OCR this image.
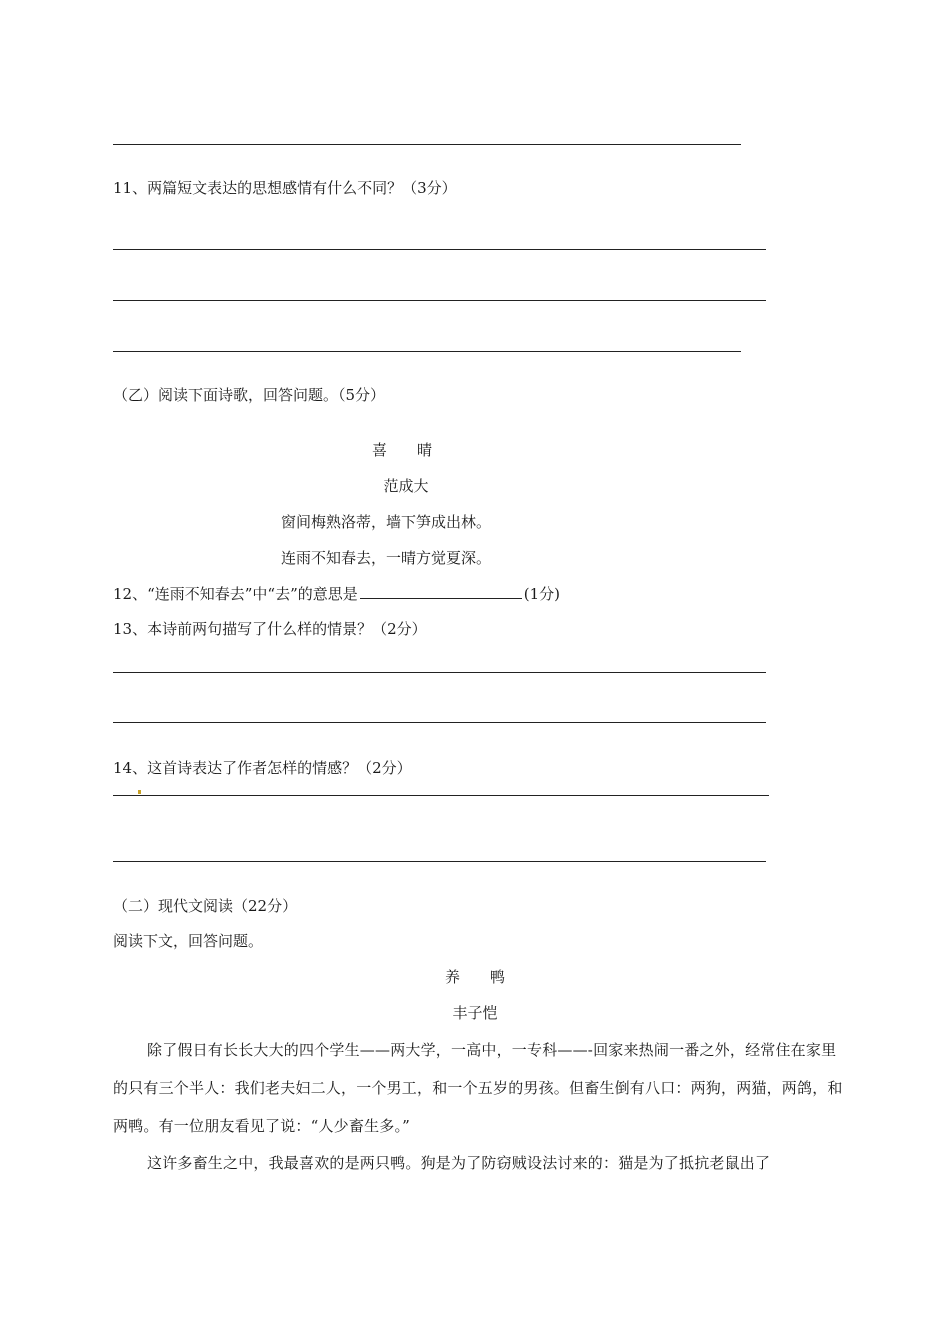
11、两篇短文表达的思想感情有什么不同？（3分）
（乙）阅读下面诗歌，回答问题。（5分）
喜　　晴
范成大
窗间梅熟洛蒂，墙下笋成出林。
连雨不知春去，一晴方觉夏深。
12、“连雨不知春去”中“去”的意思是	(1分)
13、本诗前两句描写了什么样的情景？（2分）
14、这首诗表达了作者怎样的情感？（2分）
（二）现代文阅读（22分）
阅读下文，回答问题。
养　　鸭
丰子恺
除了假日有长长大大的四个学生——两大学，一高中，一专科——-回家来热闹一番之外，经常住在家里的只有三个半人：我们老夫妇二人，一个男工，和一个五岁的男孩。但畜生倒有八口：两狗，两猫，两鸽，和两鸭。有一位朋友看见了说：“人少畜生多。”
这许多畜生之中，我最喜欢的是两只鸭。狗是为了防窃贼设法讨来的：猫是为了抵抗老鼠出了
